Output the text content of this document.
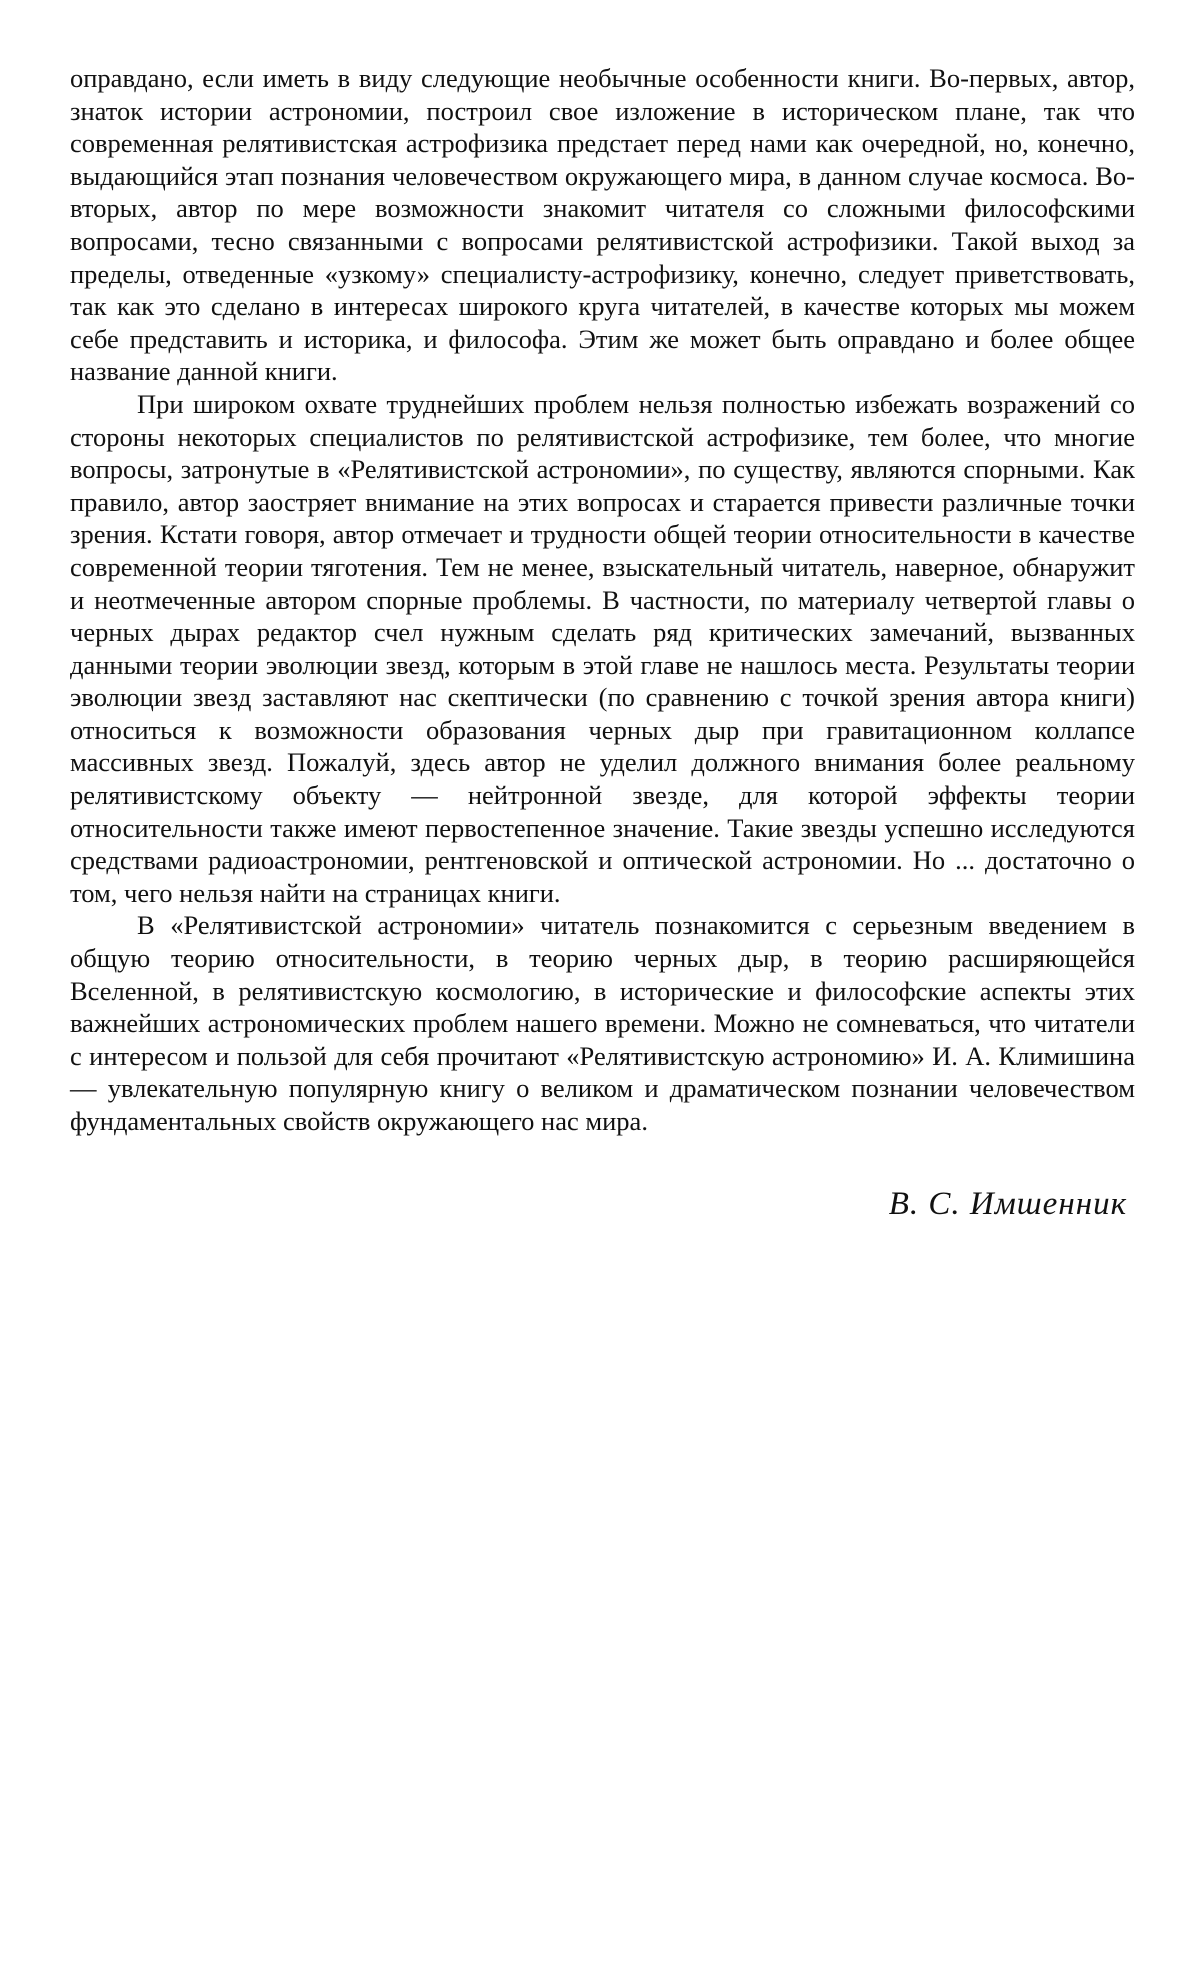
оправдано, если иметь в виду следующие необычные особенности книги. Во-первых, автор, знаток истории астрономии, построил свое изложение в историческом плане, так что современная релятивистская астрофизика предстает перед нами как очередной, но, конечно, выдающийся этап познания человечеством окружающего мира, в данном случае космоса. Во-вторых, автор по мере возможности знакомит читателя со сложными философскими вопросами, тесно связанными с вопросами релятивистской астрофизики. Такой выход за пределы, отведенные «узкому» специалисту-астрофизику, конечно, следует приветствовать, так как это сделано в интересах широкого круга читателей, в качестве которых мы можем себе представить и историка, и философа. Этим же может быть оправдано и более общее название данной книги.

При широком охвате труднейших проблем нельзя полностью избежать возражений со стороны некоторых специалистов по релятивистской астрофизике, тем более, что многие вопросы, затронутые в «Релятивистской астрономии», по существу, являются спорными. Как правило, автор заостряет внимание на этих вопросах и старается привести различные точки зрения. Кстати говоря, автор отмечает и трудности общей теории относительности в качестве современной теории тяготения. Тем не менее, взыскательный читатель, наверное, обнаружит и неотмеченные автором спорные проблемы. В частности, по материалу четвертой главы о черных дырах редактор счел нужным сделать ряд критических замечаний, вызванных данными теории эволюции звезд, которым в этой главе не нашлось места. Результаты теории эволюции звезд заставляют нас скептически (по сравнению с точкой зрения автора книги) относиться к возможности образования черных дыр при гравитационном коллапсе массивных звезд. Пожалуй, здесь автор не уделил должного внимания более реальному релятивистскому объекту — нейтронной звезде, для которой эффекты теории относительности также имеют первостепенное значение. Такие звезды успешно исследуются средствами радиоастрономии, рентгеновской и оптической астрономии. Но ... достаточно о том, чего нельзя найти на страницах книги.

В «Релятивистской астрономии» читатель познакомится с серьезным введением в общую теорию относительности, в теорию черных дыр, в теорию расширяющейся Вселенной, в релятивистскую космологию, в исторические и философские аспекты этих важнейших астрономических проблем нашего времени. Можно не сомневаться, что читатели с интересом и пользой для себя прочитают «Релятивистскую астрономию» И. А. Климишина — увлекательную популярную книгу о великом и драматическом познании человечеством фундаментальных свойств окружающего нас мира.

В. С. Имшенник
